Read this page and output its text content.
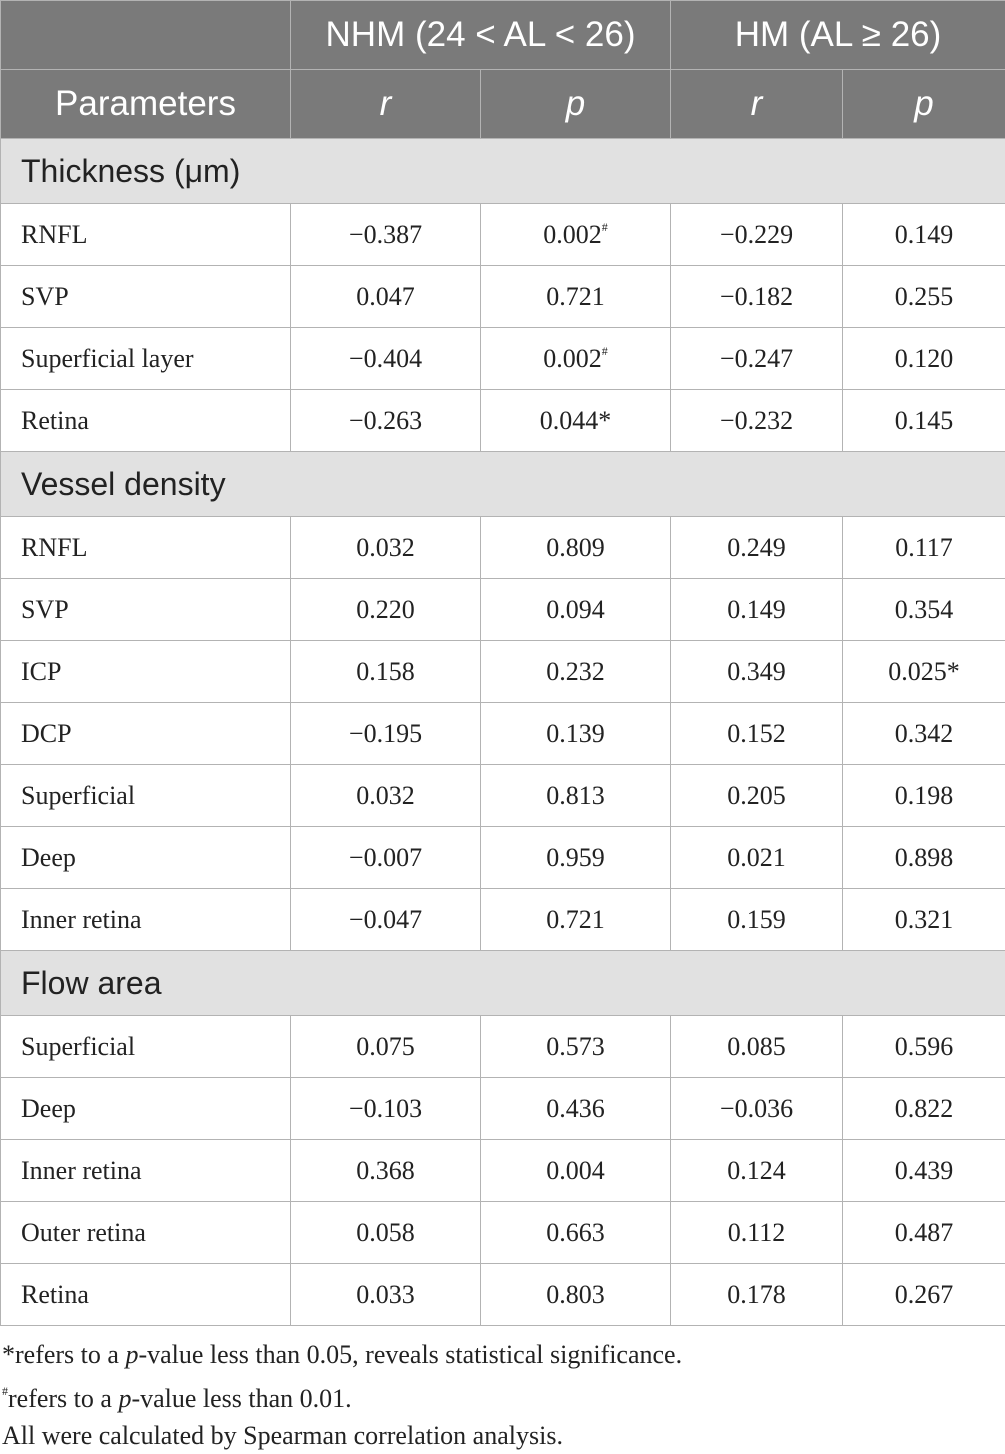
	NHM (24 < AL < 26)		HM (AL ≥ 26)	
Parameters	r	p	r	p
Thickness (μm)				
RNFL	−0.387	0.002#	−0.229	0.149
SVP	0.047	0.721	−0.182	0.255
Superficial layer	−0.404	0.002#	−0.247	0.120
Retina	−0.263	0.044*	−0.232	0.145
Vessel density				
RNFL	0.032	0.809	0.249	0.117
SVP	0.220	0.094	0.149	0.354
ICP	0.158	0.232	0.349	0.025*
DCP	−0.195	0.139	0.152	0.342
Superficial	0.032	0.813	0.205	0.198
Deep	−0.007	0.959	0.021	0.898
Inner retina	−0.047	0.721	0.159	0.321
Flow area				
Superficial	0.075	0.573	0.085	0.596
Deep	−0.103	0.436	−0.036	0.822
Inner retina	0.368	0.004	0.124	0.439
Outer retina	0.058	0.663	0.112	0.487
Retina	0.033	0.803	0.178	0.267

*refers to a p-value less than 0.05, reveals statistical significance.

#refers to a p-value less than 0.01.

All were calculated by Spearman correlation analysis.
